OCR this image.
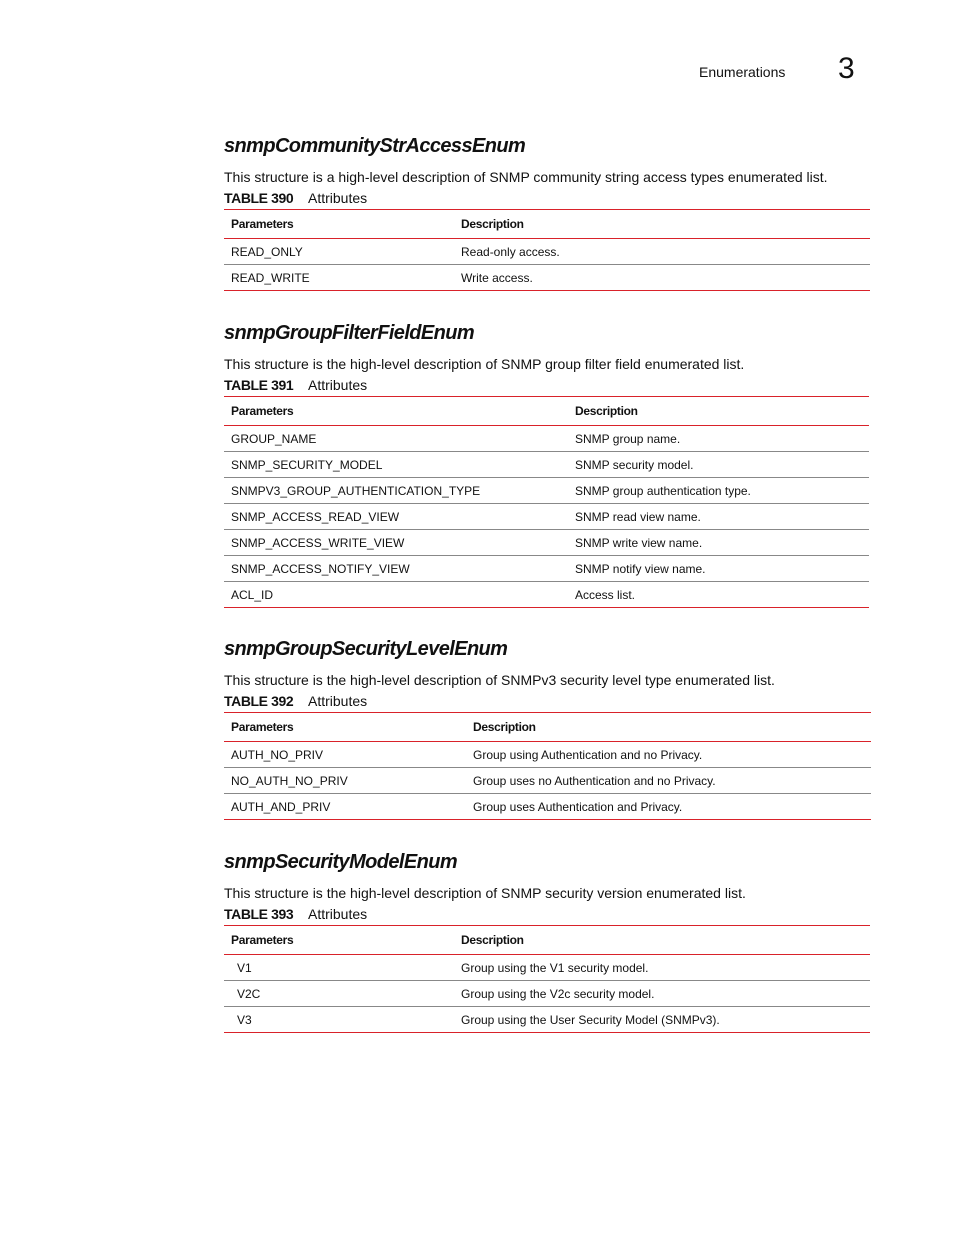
Enumerations 3
snmpCommunityStrAccessEnum

This structure is a high-level description of SNMP community string access types enumerated list.

TABLE 390 Attributes

Parameters	Description
READ_ONLY	Read-only access.
READ_WRITE	Write access.
snmpGroupFilterFieldEnum

This structure is the high-level description of SNMP group filter field enumerated list.

TABLE 391 Attributes

Parameters	Description
GROUP_NAME	SNMP group name.
SNMP_SECURITY_MODEL	SNMP security model.
SNMPV3_GROUP_AUTHENTICATION_TYPE	SNMP group authentication type.
SNMP_ACCESS_READ_VIEW	SNMP read view name.
SNMP_ACCESS_WRITE_VIEW	SNMP write view name.
SNMP_ACCESS_NOTIFY_VIEW	SNMP notify view name.
ACL_ID	Access list.
snmpGroupSecurityLevelEnum

This structure is the high-level description of SNMPv3 security level type enumerated list.

TABLE 392 Attributes

Parameters	Description
AUTH_NO_PRIV	Group using Authentication and no Privacy.
NO_AUTH_NO_PRIV	Group uses no Authentication and no Privacy.
AUTH_AND_PRIV	Group uses Authentication and Privacy.
snmpSecurityModelEnum

This structure is the high-level description of SNMP security version enumerated list.

TABLE 393 Attributes

Parameters	Description
V1	Group using the V1 security model.
V2C	Group using the V2c security model.
V3	Group using the User Security Model (SNMPv3).
